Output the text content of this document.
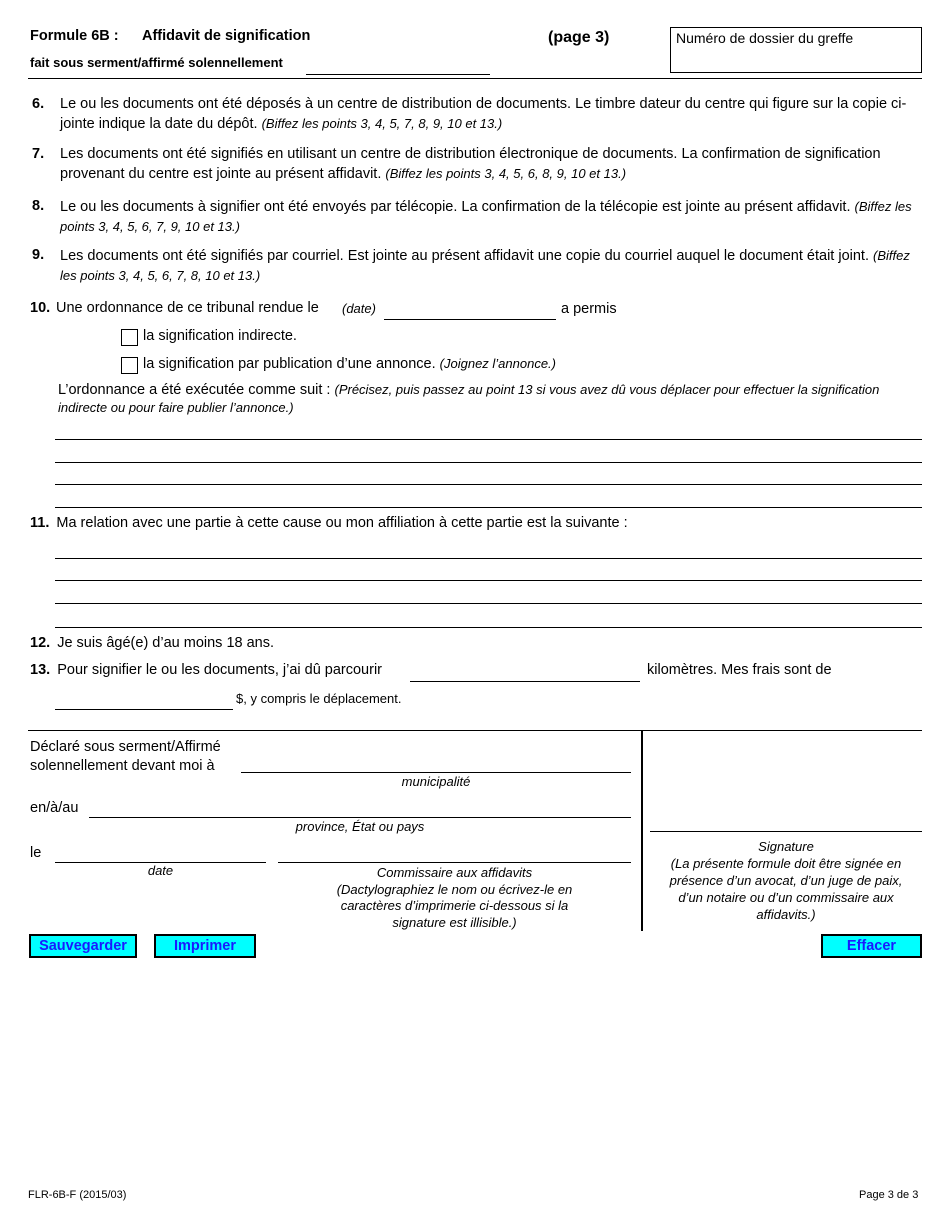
Formule 6B : Affidavit de signification	(page 3)
fait sous serment/affirmé solennellement
Numéro de dossier du greffe
6. Le ou les documents ont été déposés à un centre de distribution de documents. Le timbre dateur du centre qui figure sur la copie ci-jointe indique la date du dépôt. (Biffez les points 3, 4, 5, 7, 8, 9, 10 et 13.)
7. Les documents ont été signifiés en utilisant un centre de distribution électronique de documents. La confirmation de signification provenant du centre est jointe au présent affidavit. (Biffez les points 3, 4, 5, 6, 8, 9, 10 et 13.)
8. Le ou les documents à signifier ont été envoyés par télécopie. La confirmation de la télécopie est jointe au présent affidavit. (Biffez les points 3, 4, 5, 6, 7, 9, 10 et 13.)
9. Les documents ont été signifiés par courriel. Est jointe au présent affidavit une copie du courriel auquel le document était joint. (Biffez les points 3, 4, 5, 6, 7, 8, 10 et 13.)
10. Une ordonnance de ce tribunal rendue le (date)	a permis
la signification indirecte.
la signification par publication d’une annonce. (Joignez l’annonce.)
L’ordonnance a été exécutée comme suit : (Précisez, puis passez au point 13 si vous avez dû vous déplacer pour effectuer la signification indirecte ou pour faire publier l’annonce.)
11. Ma relation avec une partie à cette cause ou mon affiliation à cette partie est la suivante :
12. Je suis âgé(e) d’au moins 18 ans.
13. Pour signifier le ou les documents, j’ai dû parcourir	kilomètres. Mes frais sont de
$, y compris le déplacement.
Déclaré sous serment/Affirmé
solennellement devant moi à
municipalité
en/à/au
province, État ou pays
le
date	Commissaire aux affidavits
(Dactylographiez le nom ou écrivez-le en caractères d’imprimerie ci-dessous si la signature est illisible.)
Signature
(La présente formule doit être signée en présence d’un avocat, d’un juge de paix, d’un notaire ou d’un commissaire aux affidavits.)
Sauvegarder	Imprimer	Effacer
FLR-6B-F (2015/03)	Page 3 de 3
